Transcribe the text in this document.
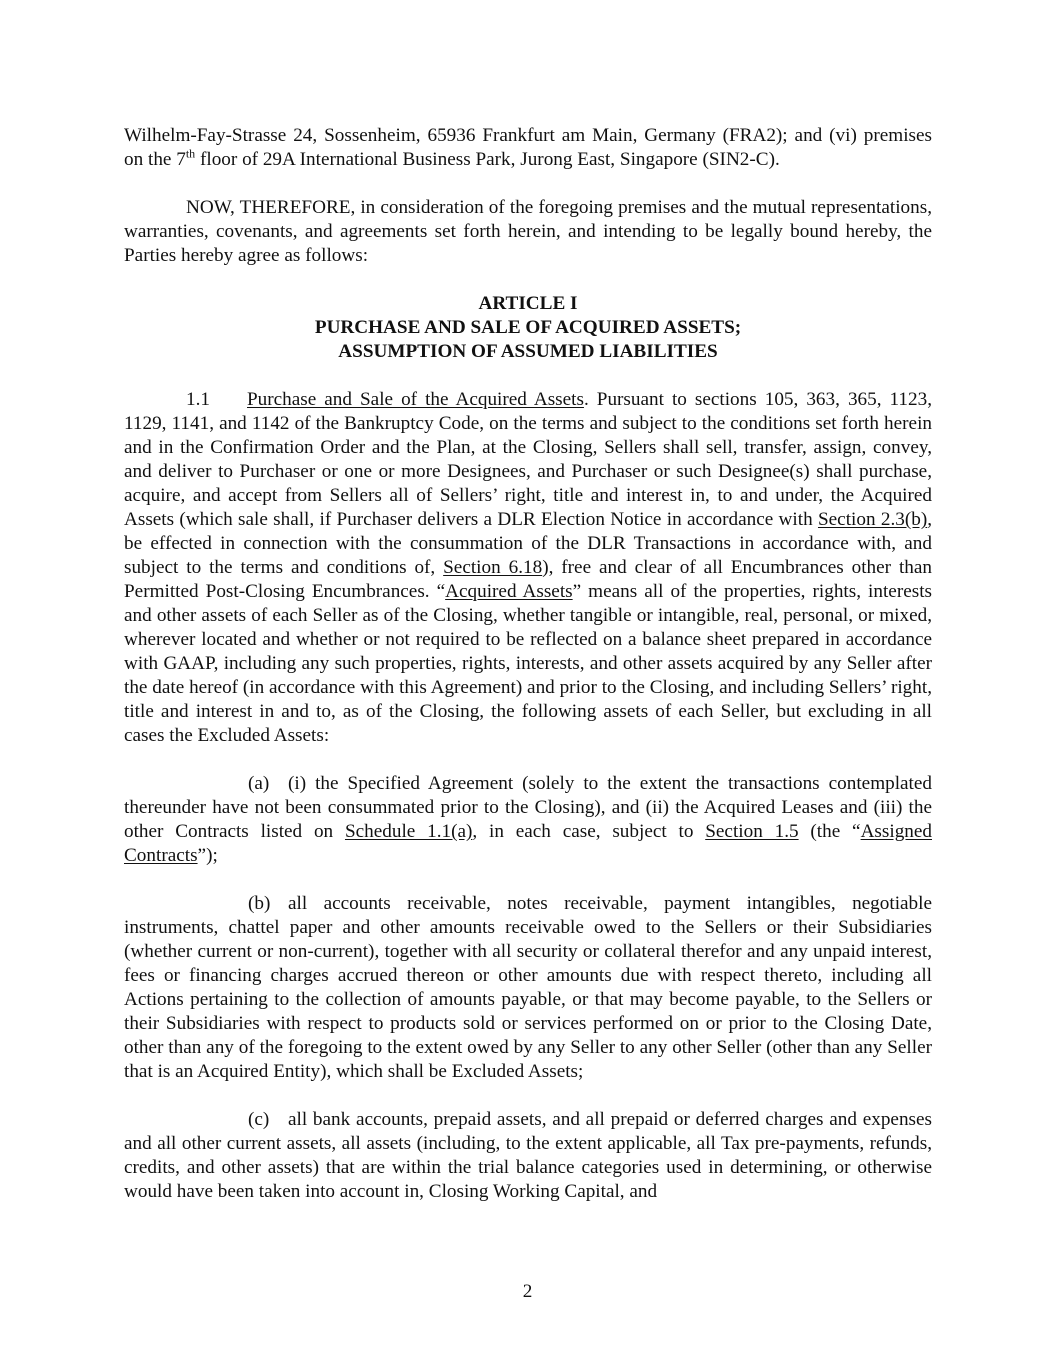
Wilhelm-Fay-Strasse 24, Sossenheim, 65936 Frankfurt am Main, Germany (FRA2); and (vi) premises on the 7th floor of 29A International Business Park, Jurong East, Singapore (SIN2-C).

NOW, THEREFORE, in consideration of the foregoing premises and the mutual representations, warranties, covenants, and agreements set forth herein, and intending to be legally bound hereby, the Parties hereby agree as follows:

ARTICLE I
PURCHASE AND SALE OF ACQUIRED ASSETS;
ASSUMPTION OF ASSUMED LIABILITIES

1.1 Purchase and Sale of the Acquired Assets. Pursuant to sections 105, 363, 365, 1123, 1129, 1141, and 1142 of the Bankruptcy Code, on the terms and subject to the conditions set forth herein and in the Confirmation Order and the Plan, at the Closing, Sellers shall sell, transfer, assign, convey, and deliver to Purchaser or one or more Designees, and Purchaser or such Designee(s) shall purchase, acquire, and accept from Sellers all of Sellers’ right, title and interest in, to and under, the Acquired Assets (which sale shall, if Purchaser delivers a DLR Election Notice in accordance with Section 2.3(b), be effected in connection with the consummation of the DLR Transactions in accordance with, and subject to the terms and conditions of, Section 6.18), free and clear of all Encumbrances other than Permitted Post-Closing Encumbrances. “Acquired Assets” means all of the properties, rights, interests and other assets of each Seller as of the Closing, whether tangible or intangible, real, personal, or mixed, wherever located and whether or not required to be reflected on a balance sheet prepared in accordance with GAAP, including any such properties, rights, interests, and other assets acquired by any Seller after the date hereof (in accordance with this Agreement) and prior to the Closing, and including Sellers’ right, title and interest in and to, as of the Closing, the following assets of each Seller, but excluding in all cases the Excluded Assets:

(a) (i) the Specified Agreement (solely to the extent the transactions contemplated thereunder have not been consummated prior to the Closing), and (ii) the Acquired Leases and (iii) the other Contracts listed on Schedule 1.1(a), in each case, subject to Section 1.5 (the “Assigned Contracts”);

(b) all accounts receivable, notes receivable, payment intangibles, negotiable instruments, chattel paper and other amounts receivable owed to the Sellers or their Subsidiaries (whether current or non-current), together with all security or collateral therefor and any unpaid interest, fees or financing charges accrued thereon or other amounts due with respect thereto, including all Actions pertaining to the collection of amounts payable, or that may become payable, to the Sellers or their Subsidiaries with respect to products sold or services performed on or prior to the Closing Date, other than any of the foregoing to the extent owed by any Seller to any other Seller (other than any Seller that is an Acquired Entity), which shall be Excluded Assets;

(c) all bank accounts, prepaid assets, and all prepaid or deferred charges and expenses and all other current assets, all assets (including, to the extent applicable, all Tax pre-payments, refunds, credits, and other assets) that are within the trial balance categories used in determining, or otherwise would have been taken into account in, Closing Working Capital, and

2
